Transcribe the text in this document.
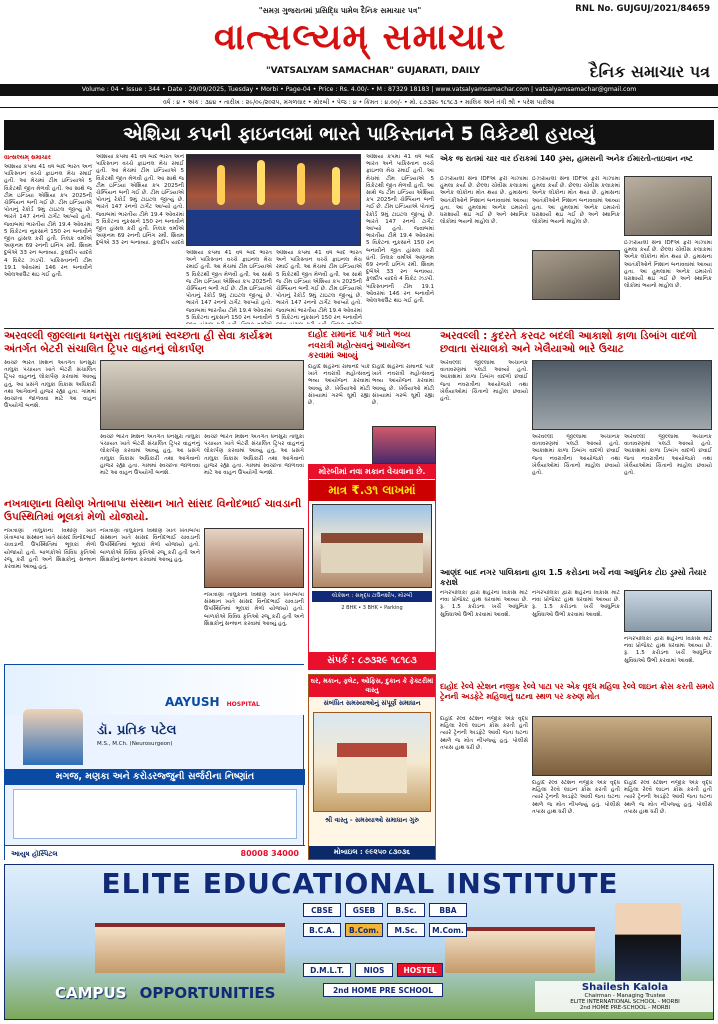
"સમગ્ર ગુજરાતમાં પ્રસિદ્ધિ પામેલ દૈનિક સમાચાર પત્ર"	RNL No. GUJGUJ/2021/84659
વાત્સલ્યમ્ સમાચાર
"VATSALYAM SAMACHAR" GUJARATI, DAILY	દૈનિક સમાચાર પત્ર
Volume : 04 • Issue : 344 • Date : 29/09/2025, Tuesday • Morbi • Page-04 • Price : Rs. 4.00/- • M : 87329 18183 | www.vatsalyamsamachar.com | vatsalyamsamachar@gmail.com
વર્ષ : ૪ • અંક : ૩૪૪ • તારીખ : ૨૯/૦૯/૨૦૨૫, મંગળવાર • મોરબી • પેજ : ૪ • કિંમત : ૪.૦૦/- • મો. ૮૭૩૨૯ ૧૮૧૮૩ • માલિક અને તંત્રી શ્રી • પરેશ પારીઆ
એશિયા કપની ફાઇનલમાં ભારતે પાકિસ્તાનને 5 વિકેટથી હરાવ્યું
વાત્સલ્યમ્ સમાચાર
એશિયા કપમાં 41 વર્ષ બાદ ભારત અને પાકિસ્તાન વચ્ચે ફાઇનલ મેચ રમાઈ હતી. આ મેચમાં ટીમ ઇન્ડિયાએ 5 વિકેટથી જીત મેળવી હતી. આ સાથે જ ટીમ ઇન્ડિયા એશિયા કપ 2025ની ચેમ્પિયન બની ગઈ છે. ટીમ ઇન્ડિયાએ પોતાનું રેકોર્ડ 9મું ટાઇટલ જીત્યું છે. ભારતે 147 રનનો ટાર્ગેટ આપ્યો હતો. જવાબમાં ભારતીય ટીમે 19.4 ઓવરમાં 5 વિકેટના નુકસાને 150 રન બનાવીને જીત હાંસલ કરી હતી. તિલક વર્માએ અણનમ 69 રનની ઇનિંગ રમી. શિવમ દુબેએ 33 રન બનાવ્યા. કુલદીપ યાદવે 4 વિકેટ ઝડપી. પાકિસ્તાનની ટીમ 19.1 ઓવરમાં 146 રન બનાવીને ઓલઆઉટ થઇ ગઈ હતી.
એશિયા કપમાં 41 વર્ષ બાદ ભારત અને પાકિસ્તાન વચ્ચે ફાઇનલ મેચ રમાઈ હતી. આ મેચમાં ટીમ ઇન્ડિયાએ 5 વિકેટથી જીત મેળવી હતી. આ સાથે જ ટીમ ઇન્ડિયા એશિયા કપ 2025ની ચેમ્પિયન બની ગઈ છે. ટીમ ઇન્ડિયાએ પોતાનું રેકોર્ડ 9મું ટાઇટલ જીત્યું છે. ભારતે 147 રનનો ટાર્ગેટ આપ્યો હતો. જવાબમાં ભારતીય ટીમે 19.4 ઓવરમાં 5 વિકેટના નુકસાને 150 રન બનાવીને જીત હાંસલ કરી હતી. તિલક વર્માએ અણનમ 69 રનની ઇનિંગ રમી. શિવમ દુબેએ 33 રન બનાવ્યા. કુલદીપ યાદવે
એશિયા કપમાં 41 વર્ષ બાદ ભારત અને પાકિસ્તાન વચ્ચે ફાઇનલ મેચ રમાઈ હતી. આ મેચમાં ટીમ ઇન્ડિયાએ 5 વિકેટથી જીત મેળવી હતી. આ સાથે જ ટીમ ઇન્ડિયા એશિયા કપ 2025ની ચેમ્પિયન બની ગઈ છે. ટીમ ઇન્ડિયાએ પોતાનું રેકોર્ડ 9મું ટાઇટલ જીત્યું છે. ભારતે 147 રનનો ટાર્ગેટ આપ્યો હતો. જવાબમાં ભારતીય ટીમે 19.4 ઓવરમાં 5 વિકેટના નુકસાને 150 રન બનાવીને
એશિયા કપમાં 41 વર્ષ બાદ ભારત અને પાકિસ્તાન વચ્ચે ફાઇનલ મેચ રમાઈ હતી. આ મેચમાં ટીમ ઇન્ડિયાએ 5 વિકેટથી જીત મેળવી હતી. આ સાથે જ ટીમ ઇન્ડિયા એશિયા કપ 2025ની ચેમ્પિયન બની ગઈ છે. ટીમ ઇન્ડિયાએ પોતાનું રેકોર્ડ 9મું ટાઇટલ જીત્યું છે. ભારતે 147 રનનો ટાર્ગેટ આપ્યો હતો. જવાબમાં ભારતીય ટીમે 19.4 ઓવરમાં 5 વિકેટના નુકસાને 150 રન બનાવીને
એશિયા કપમાં 41 વર્ષ બાદ ભારત અને પાકિસ્તાન વચ્ચે ફાઇનલ મેચ રમાઈ હતી. આ મેચમાં ટીમ ઇન્ડિયાએ 5 વિકેટથી જીત મેળવી હતી. આ સાથે જ ટીમ ઇન્ડિયા એશિયા કપ 2025ની ચેમ્પિયન બની ગઈ છે. ટીમ ઇન્ડિયાએ પોતાનું રેકોર્ડ 9મું ટાઇટલ જીત્યું છે. ભારતે 147 રનનો ટાર્ગેટ આપ્યો હતો. જવાબમાં ભારતીય ટીમે 19.4 ઓવરમાં 5 વિકેટના નુકસાને 150 રન બનાવીને જીત હાંસલ કરી હતી. તિલક વર્માએ અણનમ 69 રનની ઇનિંગ રમી. શિવમ દુબેએ 33 રન બનાવ્યા. કુલદીપ યાદવે 4 વિકેટ ઝડપી. પાકિસ્તાનની ટીમ 19.1 ઓવરમાં 146 રન બનાવીને ઓલઆઉટ થઇ ગઈ હતી.
એક જ રાતમાં ચાર વાર ઈરાકમાં 140 ડ્રમ્સ, હામસની અનેક ઈમારતો-તાઇવાન નષ્ટ
ઈઝરાયલી સેના IDFએ ફરી ગાઝામાં હુમલા કર્યા છે. છેલ્લા ચોવીસ કલાકમાં અનેક લોકોના મોત થયા છે. હમાસના આતંકીઓને નિશાન બનાવવામાં આવ્યા હતા. આ હુમલામાં અનેક ઇમારતો ધરાશાયી થઇ ગઈ છે અને સ્થાનિક લોકોમાં ભયનો માહોલ છે.
ઈઝરાયલી સેના IDFએ ફરી ગાઝામાં હુમલા કર્યા છે. છેલ્લા ચોવીસ કલાકમાં અનેક લોકોના મોત થયા છે. હમાસના આતંકીઓને નિશાન બનાવવામાં આવ્યા હતા. આ હુમલામાં અનેક ઇમારતો ધરાશાયી થઇ ગઈ છે અને સ્થાનિક લોકોમાં ભયનો માહોલ છે.
ઈઝરાયલી સેના IDFએ ફરી ગાઝામાં હુમલા કર્યા છે. છેલ્લા ચોવીસ કલાકમાં અનેક લોકોના મોત થયા છે. હમાસના આતંકીઓને નિશાન બનાવવામાં આવ્યા હતા. આ હુમલામાં અનેક ઇમારતો ધરાશાયી થઇ ગઈ છે અને સ્થાનિક લોકોમાં ભયનો માહોલ છે.
અરવલ્લી જીલ્લાના ધનસુરા તાલુકામાં સ્વચ્છતા હી સેવા કાર્યક્રમ અંતર્ગત બેટરી સંચાલિત ટ્રિપર વાહનનું લોકાર્પણ
સ્વચ્છ ભારત મિશન અંતર્ગત ધનસુરા તાલુકા પંચાયત ખાતે બેટરી સંચાલિત ટ્રિપર વાહનનું લોકાર્પણ કરવામાં આવ્યું હતું. આ પ્રસંગે તાલુકા વિકાસ અધિકારી તથા આગેવાનો હાજર રહ્યા હતા. ગામમાં સ્વચ્છતા જાળવવા માટે આ વાહન ઉપયોગી બનશે.
સ્વચ્છ ભારત મિશન અંતર્ગત ધનસુરા તાલુકા પંચાયત ખાતે બેટરી સંચાલિત ટ્રિપર વાહનનું લોકાર્પણ કરવામાં આવ્યું હતું. આ પ્રસંગે તાલુકા વિકાસ અધિકારી તથા આગેવાનો હાજર રહ્યા હતા. ગામમાં સ્વચ્છતા જાળવવા માટે આ વાહન ઉપયોગી બનશે.
સ્વચ્છ ભારત મિશન અંતર્ગત ધનસુરા તાલુકા પંચાયત ખાતે બેટરી સંચાલિત ટ્રિપર વાહનનું લોકાર્પણ કરવામાં આવ્યું હતું. આ પ્રસંગે તાલુકા વિકાસ અધિકારી તથા આગેવાનો હાજર રહ્યા હતા. ગામમાં સ્વચ્છતા જાળવવા માટે આ વાહન ઉપયોગી બનશે.
દાહોદ રામાનંદ પાર્ક ખાતે ભવ્ય નવરાત્રી મહોત્સવનું આયોજન કરવામાં આવ્યું
દાહોદ શહેરના રામાનંદ પાર્ક ખાતે નવરાત્રી મહોત્સવનું ભવ્ય આયોજન કરવામાં આવ્યું છે. ખેલૈયાઓ મોટી સંખ્યામાં ગરબે ઘૂમી રહ્યા છે.
દાહોદ શહેરના રામાનંદ પાર્ક ખાતે નવરાત્રી મહોત્સવનું ભવ્ય આયોજન કરવામાં આવ્યું છે. ખેલૈયાઓ મોટી સંખ્યામાં ગરબે ઘૂમી રહ્યા છે.
અરવલ્લી : કુદરતે કરવટ બદલી આકાશો કાળા ડિબાંગ વાદળો છવાતા સંચાલકો અને ખેલૈયાઓ ભારે ઉચાટ
અરવલ્લી જીલ્લામાં અચાનક વાતાવરણમાં પલટો આવ્યો હતો. આકાશમાં કાળા ડિબાંગ વાદળો છવાઈ જતા નવરાત્રીના આયોજકો તથા ખેલૈયાઓમાં ચિંતાનો માહોલ છવાયો હતો.
અરવલ્લી જીલ્લામાં અચાનક વાતાવરણમાં પલટો આવ્યો હતો. આકાશમાં કાળા ડિબાંગ વાદળો છવાઈ જતા નવરાત્રીના આયોજકો તથા ખેલૈયાઓમાં ચિંતાનો માહોલ છવાયો હતો.
અરવલ્લી જીલ્લામાં અચાનક વાતાવરણમાં પલટો આવ્યો હતો. આકાશમાં કાળા ડિબાંગ વાદળો છવાઈ જતા નવરાત્રીના આયોજકો તથા ખેલૈયાઓમાં ચિંતાનો માહોલ છવાયો હતો.
મોરબીમાં નવા મકાન વેચવાના છે.
માત્ર ₹.૩૧ લાખમાં
લોકેશન : સમૃદ્ધ ટાઉનશીપ, મોરબી
2 BHK • 3 BHK • Parking
સંપર્ક : ૮૭૩૨૯ ૧૮૧૮૩
નખત્રાણાના વિથોણ ખેતાબાપા સંસ્થાન ખાતે સાંસદ વિનોદભાઈ ચાવડાની ઉપસ્થિતિમાં ભૂલકાં મેળો યોજાયો.
નખત્રાણા તાલુકાના વિથોણ ખાતે ખેતાબાપા સંસ્થાન ખાતે સાંસદ વિનોદભાઈ ચાવડાની ઉપસ્થિતિમાં ભૂલકાં મેળો યોજાયો હતો. બાળકોએ વિવિધ કૃતિઓ રજૂ કરી હતી અને શિક્ષકોનું સન્માન કરવામાં આવ્યું હતું.
નખત્રાણા તાલુકાના વિથોણ ખાતે ખેતાબાપા સંસ્થાન ખાતે સાંસદ વિનોદભાઈ ચાવડાની ઉપસ્થિતિમાં ભૂલકાં મેળો યોજાયો હતો. બાળકોએ વિવિધ કૃતિઓ રજૂ કરી હતી અને શિક્ષકોનું સન્માન કરવામાં આવ્યું હતું.
નખત્રાણા તાલુકાના વિથોણ ખાતે ખેતાબાપા સંસ્થાન ખાતે સાંસદ વિનોદભાઈ ચાવડાની ઉપસ્થિતિમાં ભૂલકાં મેળો યોજાયો હતો. બાળકોએ વિવિધ કૃતિઓ રજૂ કરી હતી અને શિક્ષકોનું સન્માન કરવામાં આવ્યું હતું.
આણંદ બાદ નગર પાલિકાના હાલ 1.5 કરોડના ખર્ચે નવા આધુનિક ટોઇ ડ્રમ્સો તૈયાર કરાશે
નગરપાલિકા દ્વારા શહેરના વિકાસ માટે નવા પ્રોજેક્ટ હાથ ધરવામાં આવ્યા છે. રૂ. 1.5 કરોડના ખર્ચે આધુનિક સુવિધાઓ ઉભી કરવામાં આવશે.
નગરપાલિકા દ્વારા શહેરના વિકાસ માટે નવા પ્રોજેક્ટ હાથ ધરવામાં આવ્યા છે. રૂ. 1.5 કરોડના ખર્ચે આધુનિક સુવિધાઓ ઉભી કરવામાં આવશે.
નગરપાલિકા દ્વારા શહેરના વિકાસ માટે નવા પ્રોજેક્ટ હાથ ધરવામાં આવ્યા છે. રૂ. 1.5 કરોડના ખર્ચે આધુનિક સુવિધાઓ ઉભી કરવામાં આવશે.
AAYUSH HOSPITAL
ડૉ. પ્રતિક પટેલ
M.S., M.Ch. (Neurosurgeon)
મગજ, મણકા અને કરોડરજ્જુની સર્જરીના નિષ્ણાંત
આયુષ હૉસ્પિટલ	80008 34000
ઘર, મકાન, ફ્લેટ, ઓફિસ, દુકાન કે ફેક્ટરીમાં વાસ્તુ
સંબંધિત સમસ્યાઓનું સંપૂર્ણ સમાધાન
શ્રી વાસ્તુ - સમસ્યાઓ સમાધાન ગુરુ
મોબાઇલ : ૯૯૨૫૦ ૮૩૦૩૬
દાહોદ રેલ્વે સ્ટેશન નજીક રેલ્વે પાટા પર એક વૃદ્ધ મહિલા રેલ્વે લાઇન ક્રોસ કરતી સમયે ટ્રેનની અડફેટે મહિલાનું ઘટના સ્થળ પર કરુણ મોત
દાહોદ રેલ્વે સ્ટેશન નજીક એક વૃદ્ધ મહિલા રેલ્વે લાઇન ક્રોસ કરતી હતી ત્યારે ટ્રેનની અડફેટે આવી જતા ઘટના સ્થળે જ મોત નીપજ્યું હતું. પોલીસે તપાસ હાથ ધરી છે.
દાહોદ રેલ્વે સ્ટેશન નજીક એક વૃદ્ધ મહિલા રેલ્વે લાઇન ક્રોસ કરતી હતી ત્યારે ટ્રેનની અડફેટે આવી જતા ઘટના સ્થળે જ મોત નીપજ્યું હતું. પોલીસે તપાસ હાથ ધરી છે.
દાહોદ રેલ્વે સ્ટેશન નજીક એક વૃદ્ધ મહિલા રેલ્વે લાઇન ક્રોસ કરતી હતી ત્યારે ટ્રેનની અડફેટે આવી જતા ઘટના સ્થળે જ મોત નીપજ્યું હતું. પોલીસે તપાસ હાથ ધરી છે.
ELITE EDUCATIONAL INSTITUTE
CBSE	GSEB	B.Sc.	BBA
B.C.A.	B.Com.	M.Sc.	M.Com.
D.M.L.T.	NIOS	HOSTEL
2nd HOME PRE SCHOOL
CAMPUS OPPORTUNITIES	Shailesh Kalola
Chairman - Managing Trustee
ELITE INTERNATIONAL SCHOOL - MORBI
2nd HOME PRE-SCHOOL - MORBI
